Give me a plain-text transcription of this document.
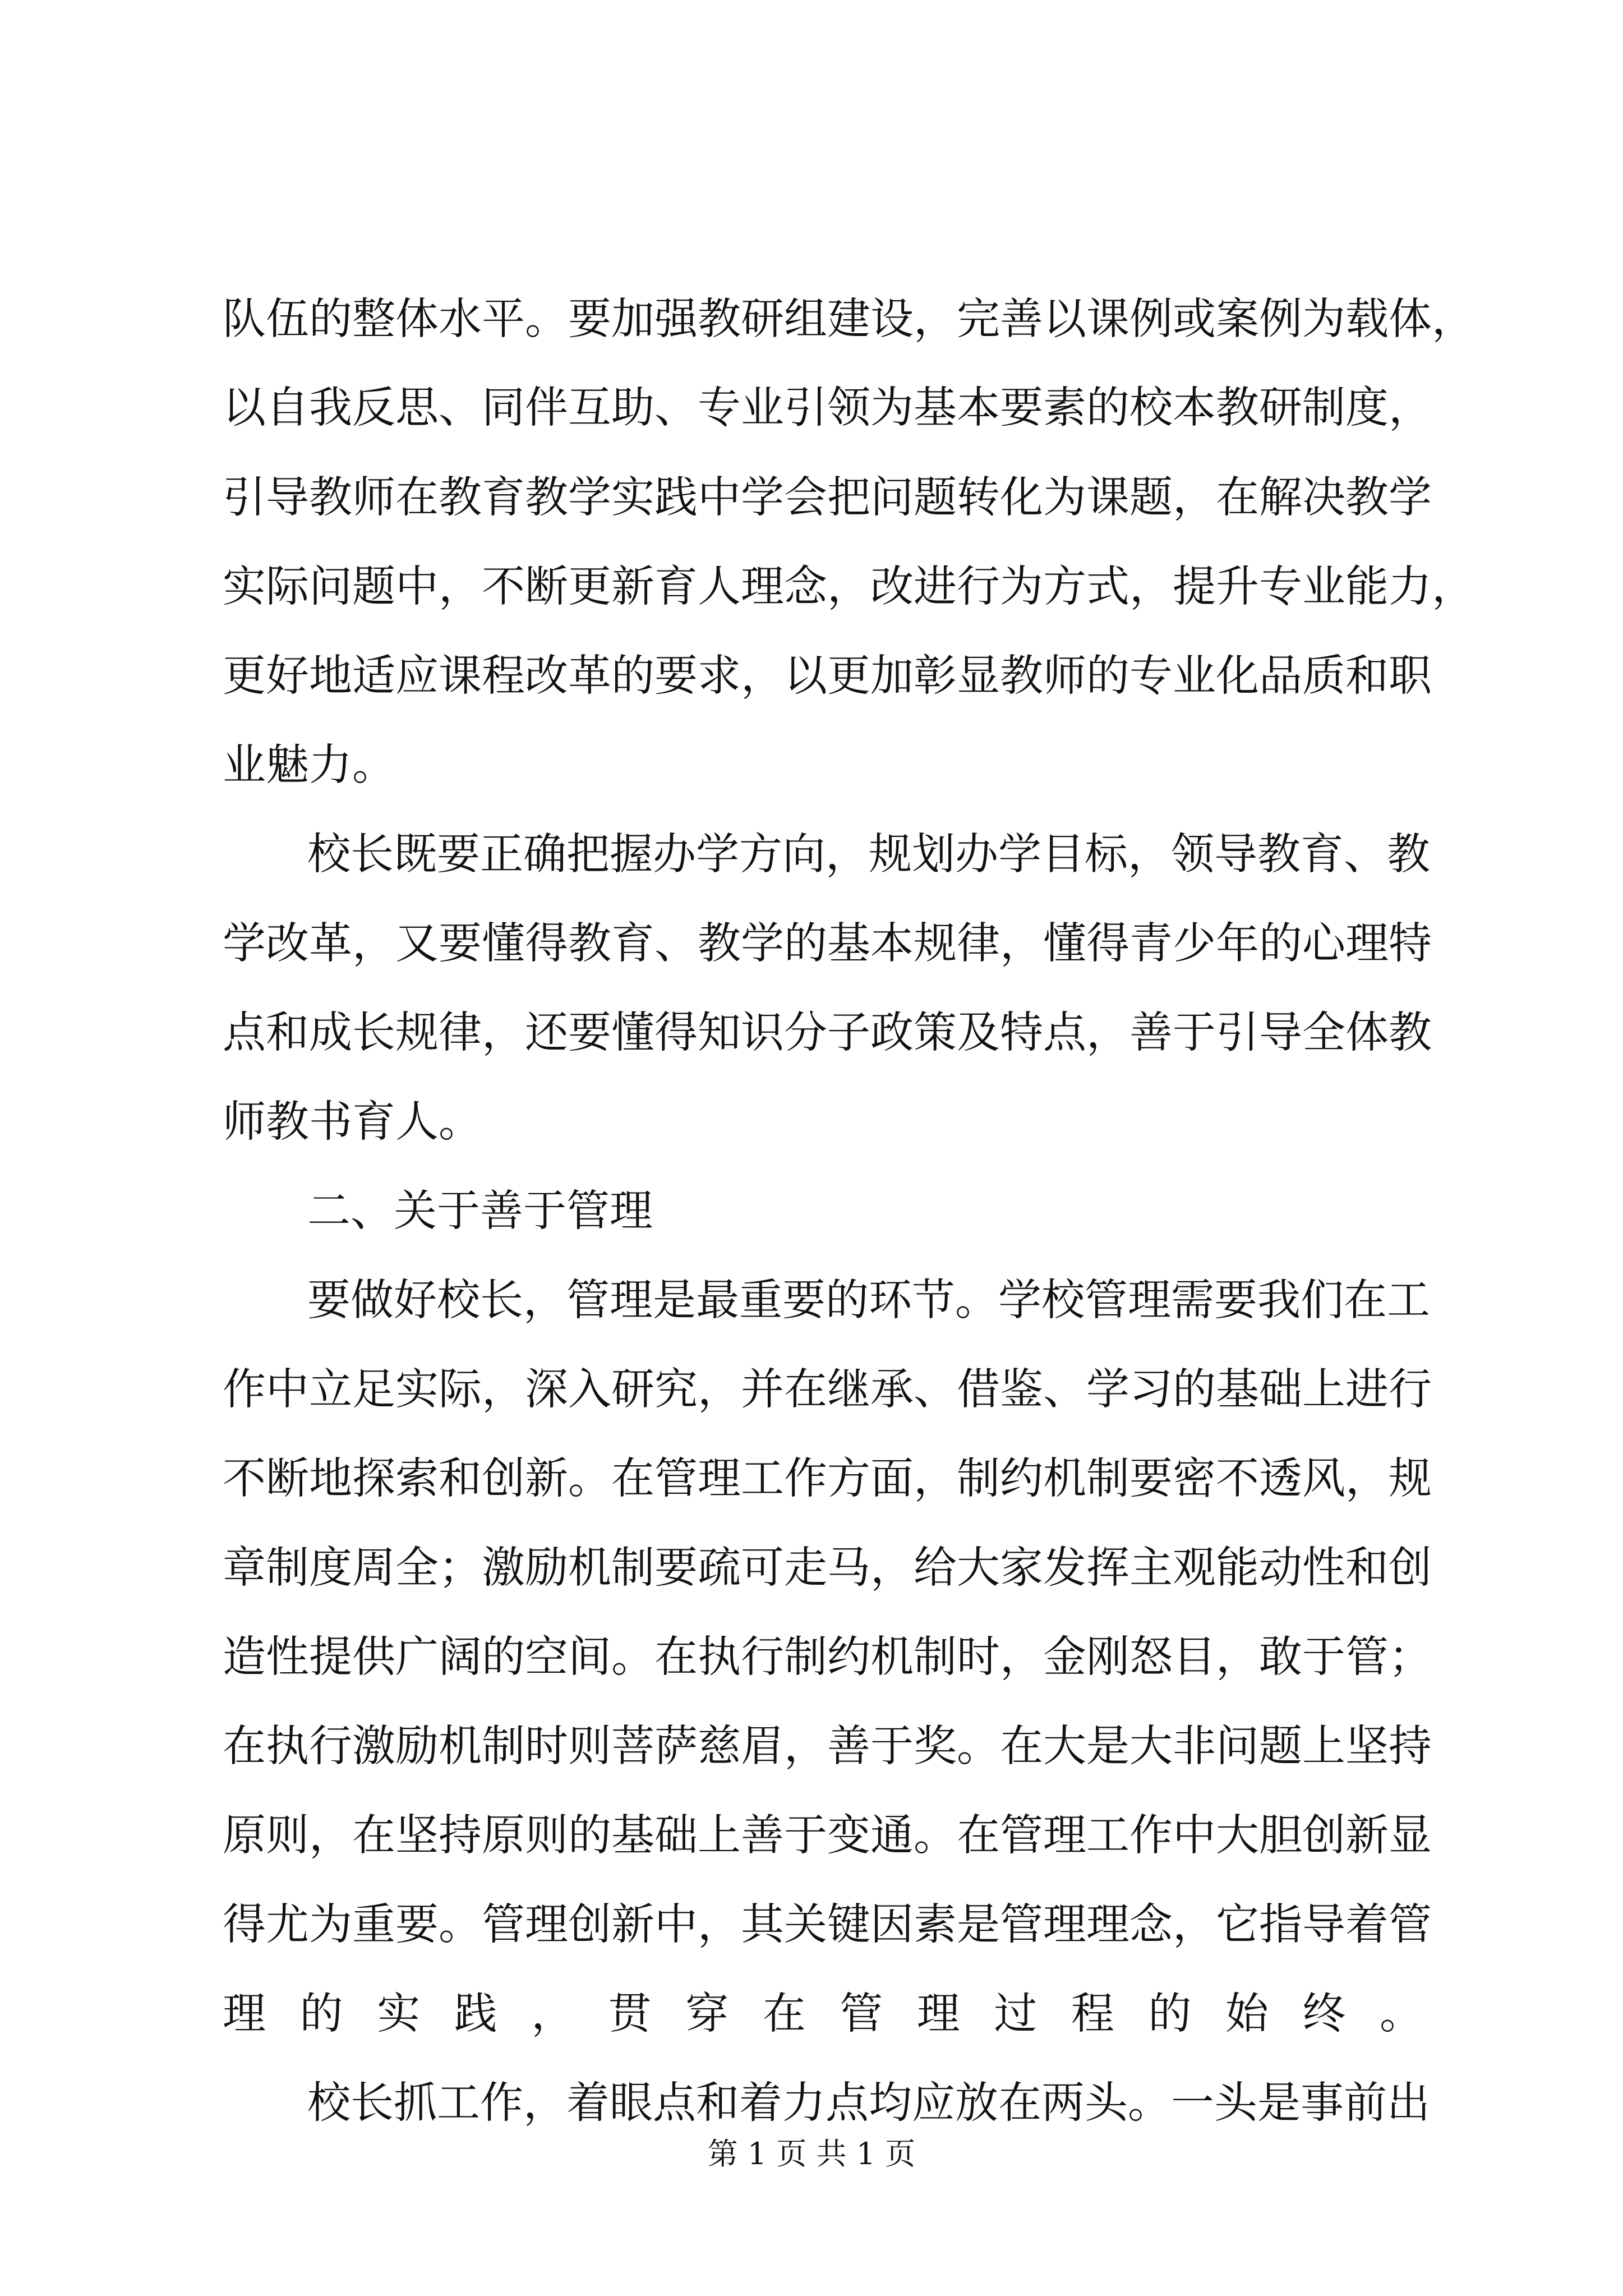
队伍的整体水平。要加强教研组建设，完善以课例或案例为载体，
以自我反思、同伴互助、专业引领为基本要素的校本教研制度，
引导教师在教育教学实践中学会把问题转化为课题，在解决教学
实际问题中，不断更新育人理念，改进行为方式，提升专业能力，
更好地适应课程改革的要求，以更加彰显教师的专业化品质和职
业魅力。
校长既要正确把握办学方向，规划办学目标，领导教育、教
学改革，又要懂得教育、教学的基本规律，懂得青少年的心理特
点和成长规律，还要懂得知识分子政策及特点，善于引导全体教
师教书育人。
二、关于善于管理
要做好校长，管理是最重要的环节。学校管理需要我们在工
作中立足实际，深入研究，并在继承、借鉴、学习的基础上进行
不断地探索和创新。在管理工作方面，制约机制要密不透风，规
章制度周全；激励机制要疏可走马，给大家发挥主观能动性和创
造性提供广阔的空间。在执行制约机制时，金刚怒目，敢于管；
在执行激励机制时则菩萨慈眉，善于奖。在大是大非问题上坚持
原则，在坚持原则的基础上善于变通。在管理工作中大胆创新显
得尤为重要。管理创新中，其关键因素是管理理念，它指导着管
理的实践，贯穿在管理过程的始终。
校长抓工作，着眼点和着力点均应放在两头。一头是事前出
第 1 页 共 1 页
